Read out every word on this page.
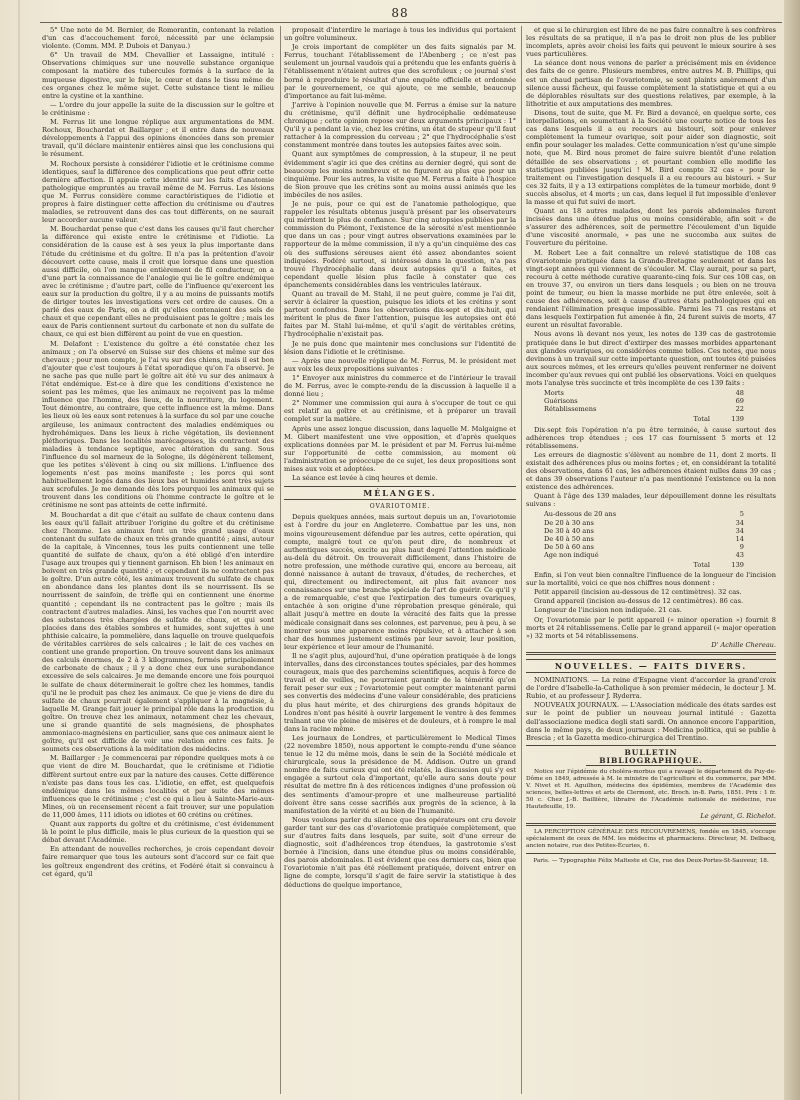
88

5° Une note de M. Bernier, de Romorantin, contenant la relation d'un cas d'accouchement forcé, nécessité par une éclampsie violente. (Comm. MM. P. Dubois et Danyau.)

6° Un travail de MM. Chevallier et Lassaigne, intitulé : Observations chimiques sur une nouvelle substance organique composant la matière des tubercules formés à la surface de la muqueuse digestive, sur le foie, le cœur et dans le tissu même de ces organes chez le même sujet. Cette substance tient le milieu entre la cystine et la xanthine.

— L'ordre du jour appelle la suite de la discussion sur le goître et le crétinisme :

M. Ferrus lit une longue réplique aux argumentations de MM. Rochoux, Bouchardat et Baillarger ; et il entre dans de nouveaux développements à l'appui des opinions énoncées dans son premier travail, qu'il déclare maintenir entières ainsi que les conclusions qui le résument.

M. Rochoux persiste à considérer l'idiotie et le crétinisme comme identiques, sauf la différence des complications que peut offrir cette dernière affection. Il appuie cette identité sur les faits d'anatomie pathologique empruntés au travail même de M. Ferrus. Les lésions que M. Ferrus considère comme caractéristiques de l'idiotie et propres à faire distinguer cette affection du crétinisme ou d'autres maladies, se retrouvent dans des cas tout différents, on ne saurait leur accorder aucune valeur.

M. Bouchardat pense que c'est dans les causes qu'il faut chercher la différence qui existe entre le crétinisme et l'idiotie. La considération de la cause est à ses yeux la plus importante dans l'étude du crétinisme et du goître. Il n'a pas la prétention d'avoir découvert cette cause, mais il croit que lorsque dans une question aussi difficile, où l'on manque entièrement de fil conducteur, on a d'une part la connaissance de l'analogie qui lie le goître endémique avec le crétinisme ; d'autre part, celle de l'influence qu'exercent les eaux sur la production du goître, il y a au moins de puissants motifs de diriger toutes les investigations vers cet ordre de causes. On a parlé des eaux de Paris, on a dit qu'elles contenaient des sels de chaux et que cependant elles ne produisaient pas le goître ; mais les eaux de Paris contiennent surtout du carbonate et non du sulfate de chaux, ce qui est bien différent au point de vue en question.

M. Delafont : L'existence du goître a été constatée chez les animaux ; on l'a observé en Suisse sur des chiens et même sur des chevaux ; pour mon compte, je l'ai vu sur des chiens, mais il est bon d'ajouter que c'est toujours à l'état sporadique qu'on l'a observé. Je ne sache pas que nulle part le goître ait été vu sur des animaux à l'état endémique. Est-ce à dire que les conditions d'existence ne soient pas les mêmes, que les animaux ne reçoivent pas la même influence que l'homme, des lieux, de la nourriture, du logement. Tout démontre, au contraire, que cette influence est la même. Dans les lieux où les eaux sont retenues à la surface du sol par une couche argileuse, les animaux contractent des maladies endémiques ou hydrohémiques. Dans les lieux à riche végétation, ils deviennent pléthoriques. Dans les localités marécageuses, ils contractent des maladies à tendance septique, avec altération du sang. Sous l'influence du sol marneux de la Sologne, ils dégénèrent tellement, que les petites s'élèvent à cinq ou six millions. L'influence des logements n'est pas moins manifeste ; les porcs qui sont habituellement logés dans des lieux bas et humides sont très sujets aux scrofules. Je me demande dès lors pourquoi les animaux qui se trouvent dans les conditions où l'homme contracte le goître et le crétinisme ne sont pas atteints de cette infirmité.

M. Bouchardat a dit que c'était au sulfate de chaux contenu dans les eaux qu'il fallait attribuer l'origine du goître et du crétinisme chez l'homme. Les animaux font un très grand usage d'eaux contenant du sulfate de chaux en très grande quantité ; ainsi, autour de la capitale, à Vincennes, tous les puits contiennent une telle quantité de sulfate de chaux, qu'on a été obligé d'en interdire l'usage aux troupes qui y tiennent garnison. Eh bien ! les animaux en boivent en très grande quantité ; et cependant ils ne contractent pas le goître. D'un autre côté, les animaux trouvent du sulfate de chaux en abondance dans les plantes dont ils se nourrissent. Ils se nourrissent de sainfoin, de trèfle qui en contiennent une énorme quantité ; cependant ils ne contractent pas le goître ; mais ils contractent d'autres maladies. Ainsi, les vaches que l'on nourrit avec des substances très chargées de sulfate de chaux, et qui sont placées dans des étables sombres et humides, sont sujettes à une phthisie calcaire, la pommelière, dans laquelle on trouve quelquefois de véritables carrières de sels calcaires ; le lait de ces vaches en contient une grande proportion. On trouve souvent dans les animaux des calculs énormes, de 2 à 3 kilogrammes, formés principalement de carbonate de chaux ; il y a donc chez eux une surabondance excessive de sels calcaires. Je me demande encore une fois pourquoi le sulfate de chaux déterminerait le goître chez les hommes, tandis qu'il ne le produit pas chez les animaux. Ce que je viens de dire du sulfate de chaux pourrait également s'appliquer à la magnésie, à laquelle M. Grange fait jouer le principal rôle dans la production du goître. On trouve chez les animaux, notamment chez les chevaux, une si grande quantité de sels magnésiens, de phosphates ammoniaco-magnésiens en particulier, sans que ces animaux aient le goître, qu'il est difficile de voir une relation entre ces faits. Je soumets ces observations à la méditation des médecins.

M. Baillarger : Je commencerai par répondre quelques mots à ce que vient de dire M. Bouchardat, que le crétinisme et l'idiotie diffèrent surtout entre eux par la nature des causes. Cette différence n'existe pas dans tous les cas. L'idiotie, en effet, est quelquefois endémique dans les mêmes localités et par suite des mêmes influences que le crétinisme ; c'est ce qui a lieu à Sainte-Marie-aux-Mines, où un recensement récent a fait trouver, sur une population de 11,000 âmes, 111 idiots ou idiotes et 60 crétins ou crétines.

Quant aux rapports du goître et du crétinisme, c'est évidemment là le point le plus difficile, mais le plus curieux de la question qui se débat devant l'Académie.

En attendant de nouvelles recherches, je crois cependant devoir faire remarquer que tous les auteurs sont d'accord sur ce fait que les goîtreux engendrent des crétins, et Fodéré était si convaincu à cet égard, qu'il

proposait d'interdire le mariage à tous les individus qui portaient un goître volumineux.

Je crois important de compléter un des faits signalés par M. Ferrus, touchant l'établissement de l'Abenberg ; ce n'est pas seulement un journal vaudois qui a prétendu que les enfants guéris à l'établissement n'étaient autres que des scrofuleux ; ce journal s'est borné à reproduire le résultat d'une enquête officielle et ordonnée par le gouvernement, ce qui ajoute, ce me semble, beaucoup d'importance au fait lui-même.

J'arrive à l'opinion nouvelle que M. Ferrus a émise sur la nature du crétinisme, qu'il définit une hydrocéphalie œdémateuse chronique ; cette opinion repose sur deux arguments principaux : 1° Qu'il y a pendant la vie, chez les crétins, un état de stupeur qu'il faut rattacher à la compression du cerveau ; 2° que l'hydrocéphalie s'est constamment montrée dans toutes les autopsies faites avec soin.

Quant aux symptômes de compression, à la stupeur, il ne peut évidemment s'agir ici que des crétins au dernier degré, qui sont de beaucoup les moins nombreux et ne figurent au plus que pour un cinquième. Pour les autres, la visite que M. Ferrus a faite à l'hospice de Sion prouve que les crétins sont au moins aussi animés que les imbéciles de nos asiles.

Je ne puis, pour ce qui est de l'anatomie pathologique, que rappeler les résultats obtenus jusqu'à présent par les observateurs qui méritent le plus de confiance. Sur cinq autopsies publiées par la commission du Piémont, l'existence de la sérosité n'est mentionnée que dans un cas ; pour vingt autres observations examinées par le rapporteur de la même commission, il n'y a qu'un cinquième des cas où des suffusions séreuses aient été assez abondantes soient indiquées. Fodéré surtout, si intéressé dans la question, n'a pas trouvé l'hydrocéphalie dans deux autopsies qu'il a faites, et cependant quelle lésion plus facile à constater que ces épanchements considérables dans les ventricules latéraux.

Quant au travail de M. Stahl, il ne peut guère, comme je l'ai dit, servir à éclairer la question, puisque les idiots et les crétins y sont partout confondus. Dans les observations dix-sept et dix-huit, qui méritent le plus de fixer l'attention, puisque les autopsies ont été faites par M. Stahl lui-même, et qu'il s'agit de véritables crétins, l'hydrocéphalie n'existait pas.

Je ne puis donc que maintenir mes conclusions sur l'identité de lésion dans l'idiotie et le crétinisme.

— Après une nouvelle réplique de M. Ferrus, M. le président met aux voix les deux propositions suivantes :

1° Envoyer aux ministres du commerce et de l'intérieur le travail de M. Ferrus, avec le compte-rendu de la discussion à laquelle il a donné lieu ;

2° Nommer une commission qui aura à s'occuper de tout ce qui est relatif au goître et au crétinisme, et à préparer un travail complet sur la matière.

Après une assez longue discussion, dans laquelle M. Malgaigne et M. Gibert manifestent une vive opposition, et d'après quelques explications données par M. le président et par M. Ferrus lui-même sur l'opportunité de cette commission, au moment où l'administration se préoccupe de ce sujet, les deux propositions sont mises aux voix et adoptées.

La séance est levée à cinq heures et demie.

MÉLANGES.
OVARIOTOMIE.

Depuis quelques années, mais surtout depuis un an, l'ovariotomie est à l'ordre du jour en Angleterre. Combattue par les uns, non moins vigoureusement défendue par les autres, cette opération, qui compte, malgré tout ce qu'on peut dire, de nombreux et authentiques succès, excite au plus haut degré l'attention médicale au-delà du détroit. On trouverait difficilement, dans l'histoire de notre profession, une méthode curative qui, encore au berceau, ait donné naissance à autant de travaux, d'études, de recherches, et qui, directement ou indirectement, ait plus fait avancer nos connaissances sur une branche spéciale de l'art de guérir. Ce qu'il y a de remarquable, c'est que l'extirpation des tumeurs ovariques, entachée à son origine d'une réprobation presque générale, qui allait jusqu'à mettre en doute la véracité des faits que la presse médicale consignait dans ses colonnes, est parvenue, peu à peu, à se montrer sous une apparence moins répulsive, et à attacher à son char des hommes justement estimés par leur savoir, leur position, leur expérience et leur amour de l'humanité.

Il ne s'agit plus, aujourd'hui, d'une opération pratiquée à de longs intervalles, dans des circonstances toutes spéciales, par des hommes courageux, mais que des parchemins scientifiques, acquis à force de travail et de veilles, ne pourraient garantir de la témérité qu'on ferait peser sur eux ; l'ovariotomie peut compter maintenant parmi ses convertis des médecins d'une valeur considérable, des praticiens du plus haut mérite, et des chirurgiens des grands hôpitaux de Londres n'ont pas hésité à ouvrir largement le ventre à des femmes traînant une vie pleine de misères et de douleurs, et à rompre le mal dans la racine même.

Les journaux de Londres, et particulièrement le Medical Times (22 novembre 1850), nous apportent le compte-rendu d'une séance tenue le 12 du même mois, dans le sein de la Société médicale et chirurgicale, sous la présidence de M. Addison. Outre un grand nombre de faits curieux qui ont été relatés, la discussion qui s'y est engagée a surtout cela d'important, qu'elle aura sans doute pour résultat de mettre fin à des réticences indignes d'une profession où des sentiments d'amour-propre et une malheureuse partialité doivent être sans cesse sacrifiés aux progrès de la science, à la manifestation de la vérité et au bien de l'humanité.

Nous voulons parler du silence que des opérateurs ont cru devoir garder tant sur des cas d'ovariotomie pratiquée complètement, que sur d'autres faits dans lesquels, par suite, soit d'une erreur de diagnostic, soit d'adhérences trop étendues, la gastrotomie s'est bornée à l'incision, dans une étendue plus ou moins considérable, des parois abdominales. Il est évident que ces derniers cas, bien que l'ovariotomie n'ait pas été réellement pratiquée, doivent entrer en ligne de compte, lorsqu'il s'agit de faire servir la statistique à des déductions de quelque importance,

et que si le chirurgien est libre de ne pas faire connaître à ses confrères les résultats de sa pratique, il n'a pas le droit non plus de les publier incomplets, après avoir choisi les faits qui peuvent le mieux sourire à ses vues particulières.

La séance dont nous venons de parler a précisément mis en évidence des faits de ce genre. Plusieurs membres, entre autres M. B. Phillips, qui est un chaud partisan de l'ovariotomie, se sont plaints amèrement d'un silence aussi fâcheux, qui fausse complètement la statistique et qui a eu de déplorables résultats sur des questions relatives, par exemple, à la lithotritie et aux amputations des membres.

Disons, tout de suite, que M. Fr. Bird a devancé, en quelque sorte, ces interpellations, en soumettant à la Société une courte notice de tous les cas dans lesquels il a eu recours au bistouri, soit pour enlever complètement la tumeur ovarique, soit pour aider son diagnostic, soit enfin pour soulager les malades. Cette communication n'est qu'une simple note, que M. Bird nous promet de faire suivre bientôt d'une relation détaillée de ses observations ; et pourtant combien elle modifie les statistiques publiées jusqu'ici ! M. Bird compte 32 cas « pour le traitement ou l'investigation desquels il a eu recours au bistouri. » Sur ces 32 faits, il y a 13 extirpations complètes de la tumeur morbide, dont 9 succès absolus, et 4 morts ; un cas, dans lequel il fut impossible d'enlever la masse et qui fut suivi de mort.

Quant au 18 autres malades, dont les parois abdominales furent incisées dans une étendue plus ou moins considérable, afin soit « de s'assurer des adhérences, soit de permettre l'écoulement d'un liquide d'une viscosité anormale, » pas une ne succomba aux suites de l'ouverture du péritoine.

M. Robert Lee a fait connaître un relevé statistique de 108 cas d'ovariotomie pratiquée dans la Grande-Bretagne seulement et dans les vingt-sept années qui viennent de s'écouler. M. Clay aurait, pour sa part, recouru à cette méthode curative quarante-cinq fois. Sur ces 108 cas, on en trouve 37, ou environ un tiers dans lesquels ; ou bien on ne trouva point de tumeur, ou bien la masse morbide ne put être enlevée, soit à cause des adhérences, soit à cause d'autres états pathologiques qui en rendaient l'élimination presque impossible. Parmi les 71 cas restans et dans lesquels l'extirpation fut amenée à fin, 24 furent suivis de morts, 47 eurent un résultat favorable.

Nous avons là devant nos yeux, les notes de 139 cas de gastrotomie pratiquée dans le but direct d'extirper des masses morbides appartenant aux glandes ovariques, ou considérées comme telles. Ces notes, que nous devinons à un travail sur cette importante question, ont toutes été puisées aux sources mêmes, et les erreurs qu'elles peuvent renfermer ne doivent incomber qu'aux revues qui ont publié les observations. Voici en quelques mots l'analyse très succincte et très incomplète de ces 139 faits :

Morts	48
Guérisons	69
Rétablissemens	22
Total	139

Dix-sept fois l'opération n'a pu être terminée, à cause surtout des adhérences trop étendues ; ces 17 cas fournissent 5 morts et 12 rétablissemens.

Les erreurs de diagnostic s'élèvent au nombre de 11, dont 2 morts. Il existait des adhérences plus ou moins fortes ; et, en considérant la totalité des observations, dans 61 cas, les adhérences étaient nulles dans 39 cas ; et dans 39 observations l'auteur n'a pas mentionné l'existence ou la non existence des adhérences.

Quant à l'âge des 139 malades, leur dépouillement donne les résultats suivans :

Au-dessous de 20 ans	5
De 20 à 30 ans	34
De 30 à 40 ans	34
De 40 à 50 ans	14
De 50 à 60 ans	9
Age non indiqué	43
Total	139

Enfin, si l'on veut bien connaître l'influence de la longueur de l'incision sur la mortalité, voici ce que nos chiffres nous donnent :

Petit appareil (incision au-dessous de 12 centimètres). 32 cas.

Grand appareil (incision au-dessus de 12 centimètres). 86 cas.

Longueur de l'incision non indiquée. 21 cas.

Or, l'ovariotomie par le petit appareil (« minor operation ») fournit 8 morts et 24 rétablissemens. Celle par le grand appareil (« major operation ») 32 morts et 54 rétablissemens.

D' Achille Chereau.

NOUVELLES. — FAITS DIVERS.

NOMINATIONS. — La reine d'Espagne vient d'accorder la grand'croix de l'ordre d'Isabelle-la-Catholique à son premier médecin, le docteur J. M. Rubio, et au professeur J. Ryderra.

NOUVEAUX JOURNAUX. — L'Association médicale des états sardes est sur le point de publier un nouveau journal intitulé : Gazetta dell'associazione medica degli stati sardi. On annonce encore l'apparition, dans le même pays, de deux journaux : Medicina politica, qui se publie à Brescia ; et la Gazetta medico-chirurgica del Trentino.

BULLETIN BIBLIOGRAPHIQUE.

Notice sur l'épidémie du choléra-morbus qui a ravagé le département du Puy-de-Dôme en 1849, adressée à M. le ministre de l'agriculture et du commerce, par MM. V. Nivet et H. Aguilhon, médecins des épidémies, membres de l'Académie des sciences, belles-lettres et arts de Clermont, etc. Broch. in-8. Paris, 1851. Prix : 1 fr. 50 c. Chez J.-B. Baillière, libraire de l'Académie nationale de médecine, rue Hautefeuille, 19.

Le gérant, G. Richelot.

LA PERCEPTION GÉNÉRALE DES RECOUVREMENS, fondée en 1845, s'occupe spécialement de ceux de MM. les médecins et pharmaciens. Directeur, M. Delbacq, ancien notaire, rue des Petites-Écuries, 6.

Paris. — Typographie Félix Malteste et Cie, rue des Deux-Portes-St-Sauveur, 18.
